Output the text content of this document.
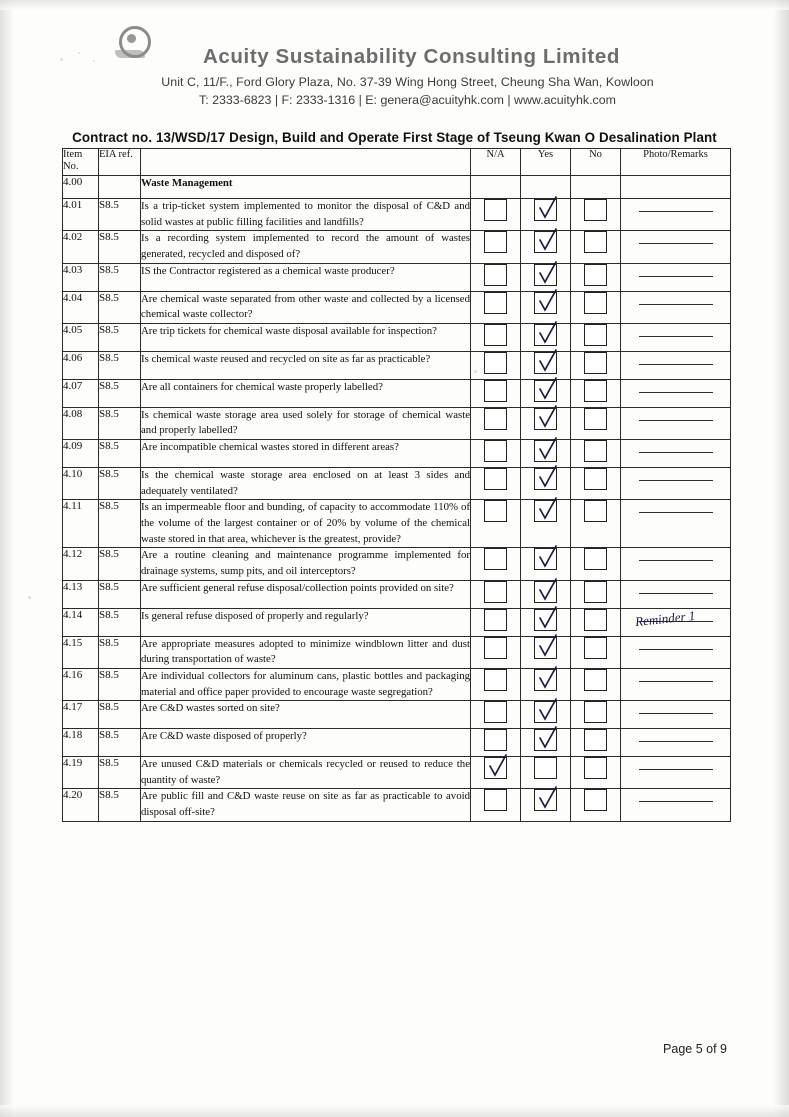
Acuity Sustainability Consulting Limited
Unit C, 11/F., Ford Glory Plaza, No. 37-39 Wing Hong Street, Cheung Sha Wan, Kowloon
T: 2333-6823 | F: 2333-1316 | E: genera@acuityhk.com | www.acuityhk.com
Contract no. 13/WSD/17 Design, Build and Operate First Stage of Tseung Kwan O Desalination Plant
Item
No.	EIA ref.		N/A	Yes	No	Photo/Remarks
4.00		Waste Management				
4.01	S8.5	Is a trip-ticket system implemented to monitor the disposal of C&D and solid wastes at public filling facilities and landfills?		

4.02	S8.5	Is a recording system implemented to record the amount of wastes generated, recycled and disposed of?		

4.03	S8.5	IS the Contractor registered as a chemical waste producer?		

4.04	S8.5	Are chemical waste separated from other waste and collected by a licensed chemical waste collector?		

4.05	S8.5	Are trip tickets for chemical waste disposal available for inspection?		

4.06	S8.5	Is chemical waste reused and recycled on site as far as practicable?		

4.07	S8.5	Are all containers for chemical waste properly labelled?		

4.08	S8.5	Is chemical waste storage area used solely for storage of chemical waste and properly labelled?		

4.09	S8.5	Are incompatible chemical wastes stored in different areas?		

4.10	S8.5	Is the chemical waste storage area enclosed on at least 3 sides and adequately ventilated?		

4.11	S8.5	Is an impermeable floor and bunding, of capacity to accommodate 110% of the volume of the largest container or of 20% by volume of the chemical waste stored in that area, whichever is the greatest, provide?		

4.12	S8.5	Are a routine cleaning and maintenance programme implemented for drainage systems, sump pits, and oil interceptors?		

4.13	S8.5	Are sufficient general refuse disposal/collection points provided on site?		

4.14	S8.5	Is general refuse disposed of properly and regularly?				Reminder 1

4.15	S8.5	Are appropriate measures adopted to minimize windblown litter and dust during transportation of waste?		

4.16	S8.5	Are individual collectors for aluminum cans, plastic bottles and packaging material and office paper provided to encourage waste segregation?		

4.17	S8.5	Are C&D wastes sorted on site?		

4.18	S8.5	Are C&D waste disposed of properly?		

4.19	S8.5	Are unused C&D materials or chemicals recycled or reused to reduce the quantity of waste?	

4.20	S8.5	Are public fill and C&D waste reuse on site as far as practicable to avoid disposal off-site?		

Page 5 of 9
